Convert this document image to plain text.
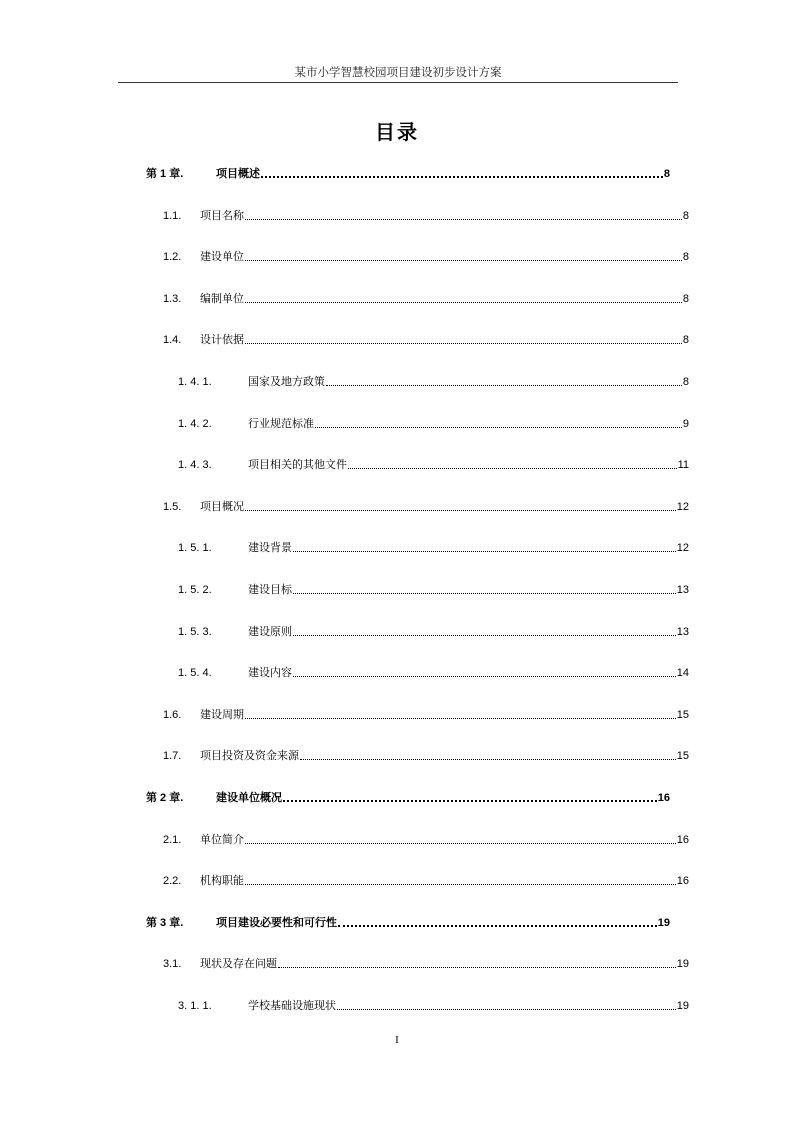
某市小学智慧校园项目建设初步设计方案
目录
第 1 章.	项目概述	8
1.1.	项目名称	8
1.2.	建设单位	8
1.3.	编制单位	8
1.4.	设计依据	8
1. 4. 1.	国家及地方政策	8
1. 4. 2.	行业规范标准	9
1. 4. 3.	项目相关的其他文件	11
1.5.	项目概况	12
1. 5. 1.	建设背景	12
1. 5. 2.	建设目标	13
1. 5. 3.	建设原则	13
1. 5. 4.	建设内容	14
1.6.	建设周期	15
1.7.	项目投资及资金来源	15
第 2 章.	建设单位概况	16
2.1.	单位简介	16
2.2.	机构职能	16
第 3 章.	项目建设必要性和可行性	19
3.1.	现状及存在问题	19
3. 1. 1.	学校基础设施现状	19
I
